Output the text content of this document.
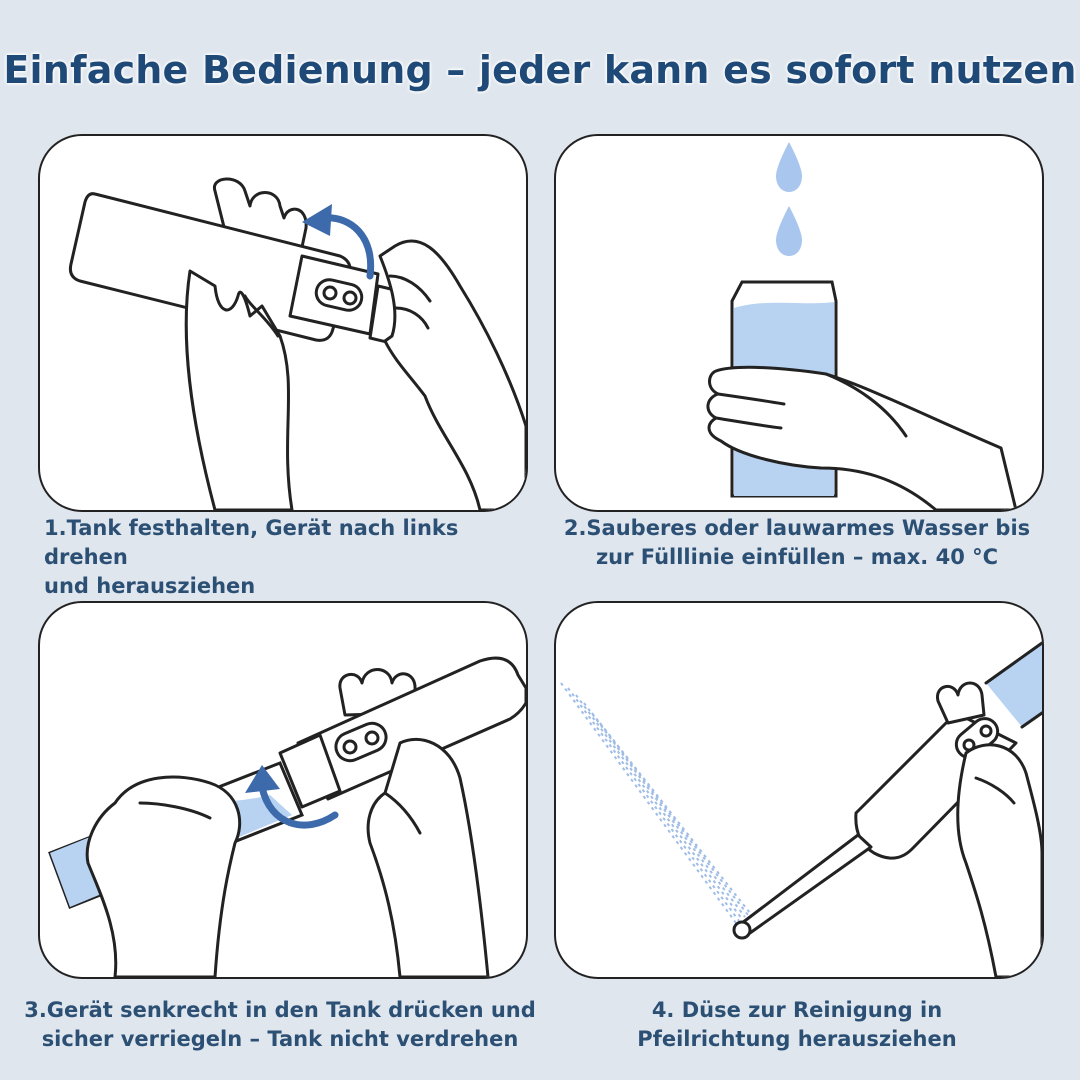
Einfache Bedienung – jeder kann es sofort nutzen
1.Tank festhalten, Gerät nach links drehen
und herausziehen
2.Sauberes oder lauwarmes Wasser bis
zur Fülllinie einfüllen – max. 40 °C
3.Gerät senkrecht in den Tank drücken und
sicher verriegeln – Tank nicht verdrehen
4. Düse zur Reinigung in
Pfeilrichtung herausziehen
